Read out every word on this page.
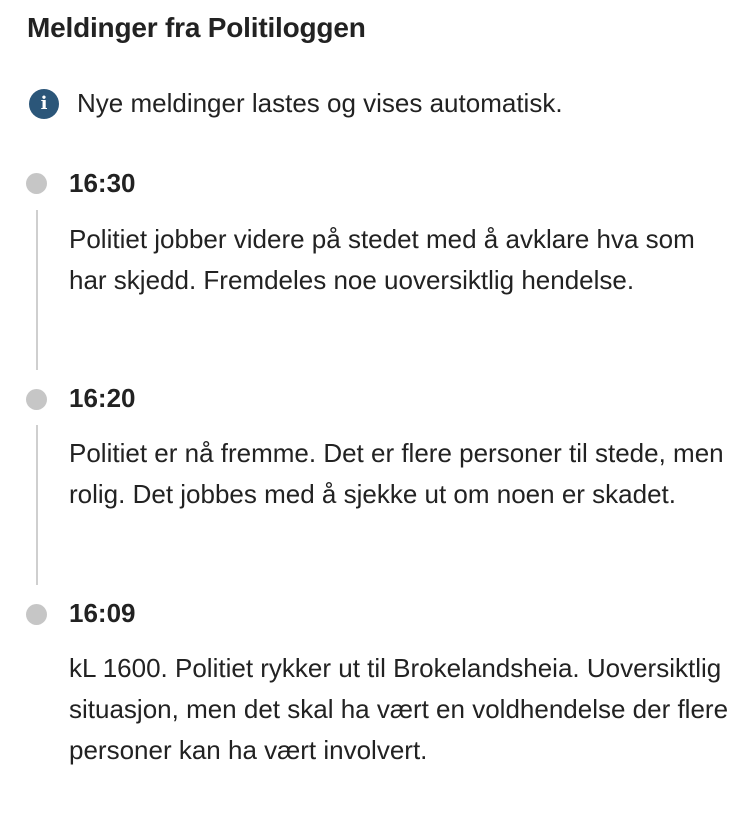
Meldinger fra Politiloggen
i	Nye meldinger lastes og vises automatisk.
16:30
Politiet jobber videre på stedet med å avklare hva som har skjedd. Fremdeles noe uoversiktlig hendelse.
16:20
Politiet er nå fremme. Det er flere personer til stede, men rolig. Det jobbes med å sjekke ut om noen er skadet.
16:09
kL 1600. Politiet rykker ut til Brokelandsheia. Uoversiktlig situasjon, men det skal ha vært en voldhendelse der flere personer kan ha vært involvert.
